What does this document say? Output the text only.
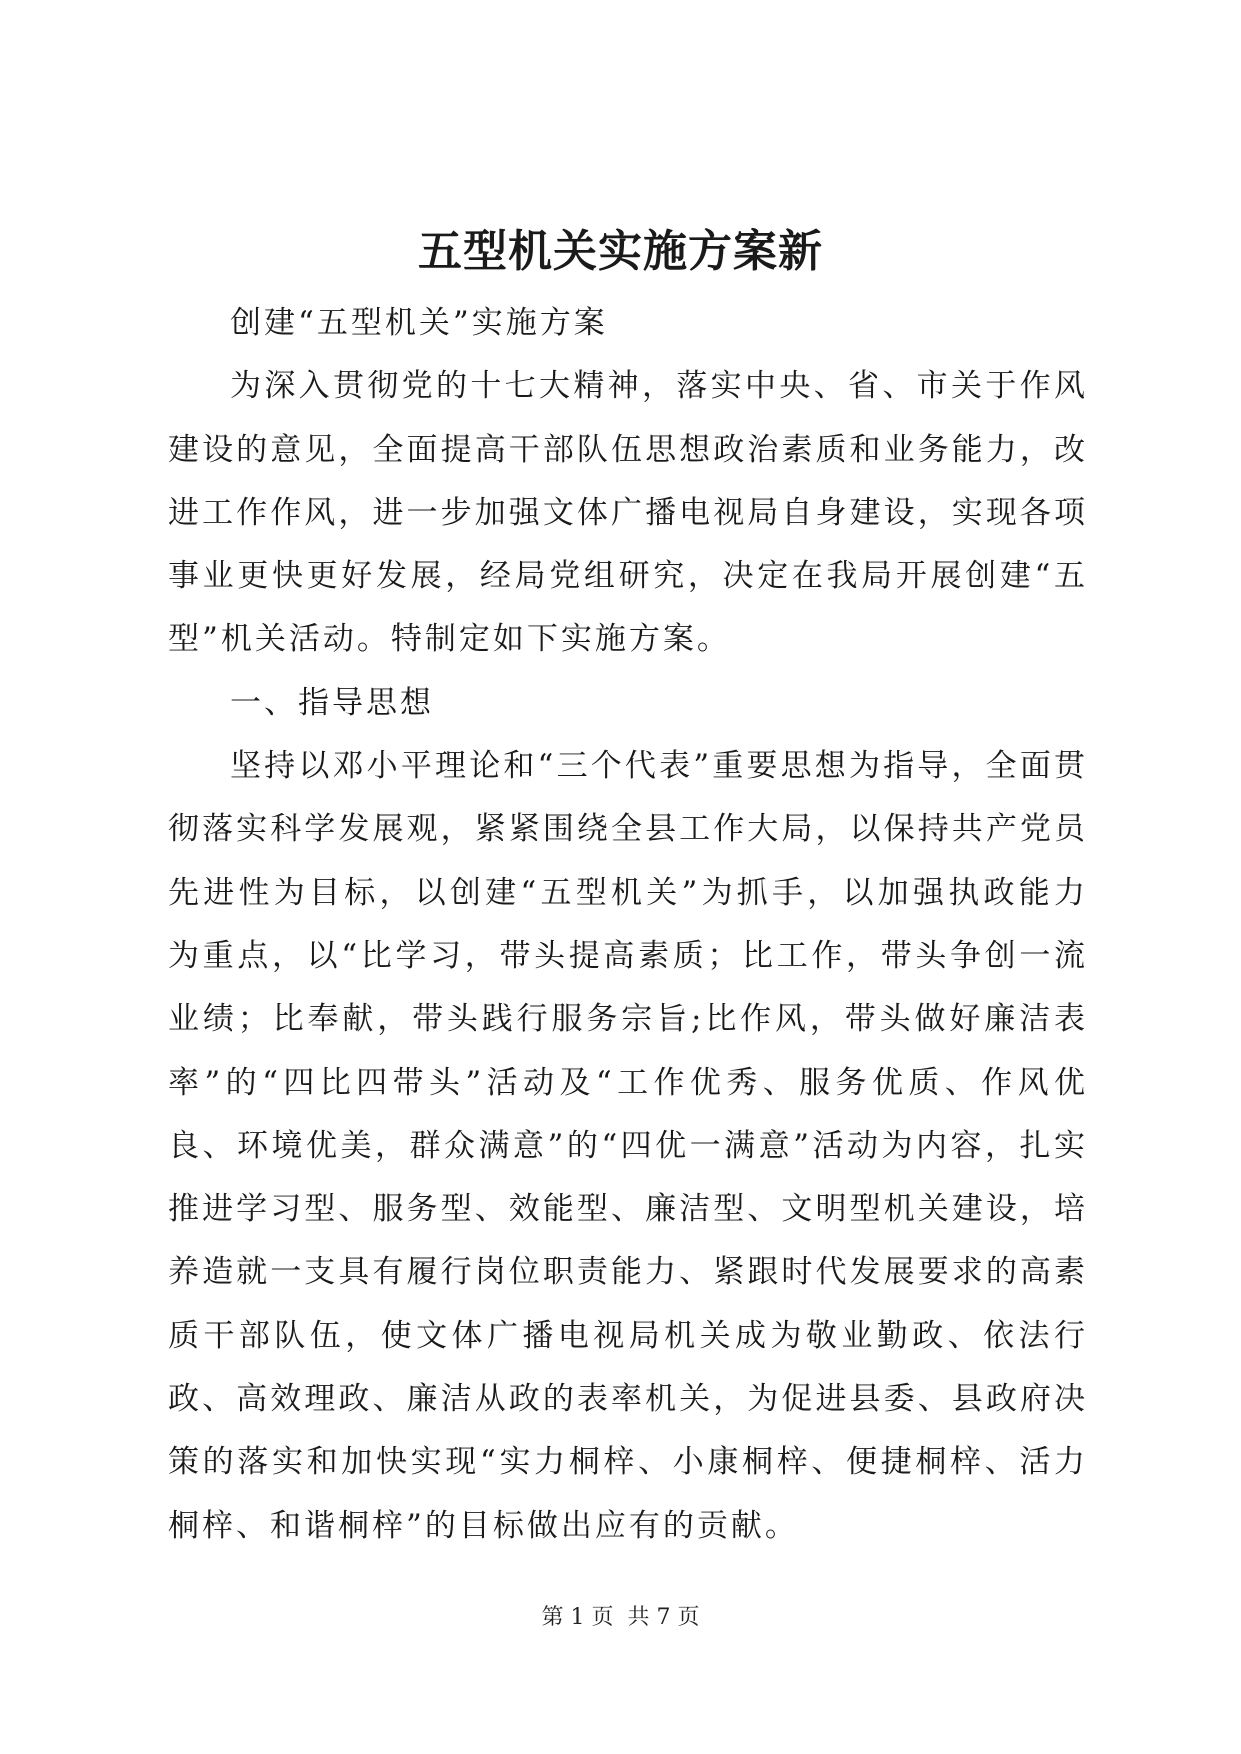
五型机关实施方案新

创建“五型机关”实施方案

为深入贯彻党的十七大精神，落实中央、省、市关于作风建设的意见，全面提高干部队伍思想政治素质和业务能力，改进工作作风，进一步加强文体广播电视局自身建设，实现各项事业更快更好发展，经局党组研究，决定在我局开展创建“五型”机关活动。特制定如下实施方案。

一、指导思想

坚持以邓小平理论和“三个代表”重要思想为指导，全面贯彻落实科学发展观，紧紧围绕全县工作大局，以保持共产党员先进性为目标，以创建“五型机关”为抓手，以加强执政能力为重点，以“比学习，带头提高素质；比工作，带头争创一流业绩；比奉献，带头践行服务宗旨;比作风，带头做好廉洁表率”的“四比四带头”活动及“工作优秀、服务优质、作风优良、环境优美，群众满意”的“四优一满意”活动为内容，扎实推进学习型、服务型、效能型、廉洁型、文明型机关建设，培养造就一支具有履行岗位职责能力、紧跟时代发展要求的高素质干部队伍，使文体广播电视局机关成为敬业勤政、依法行政、高效理政、廉洁从政的表率机关，为促进县委、县政府决策的落实和加快实现“实力桐梓、小康桐梓、便捷桐梓、活力桐梓、和谐桐梓”的目标做出应有的贡献。

第 1 页 共 7 页
